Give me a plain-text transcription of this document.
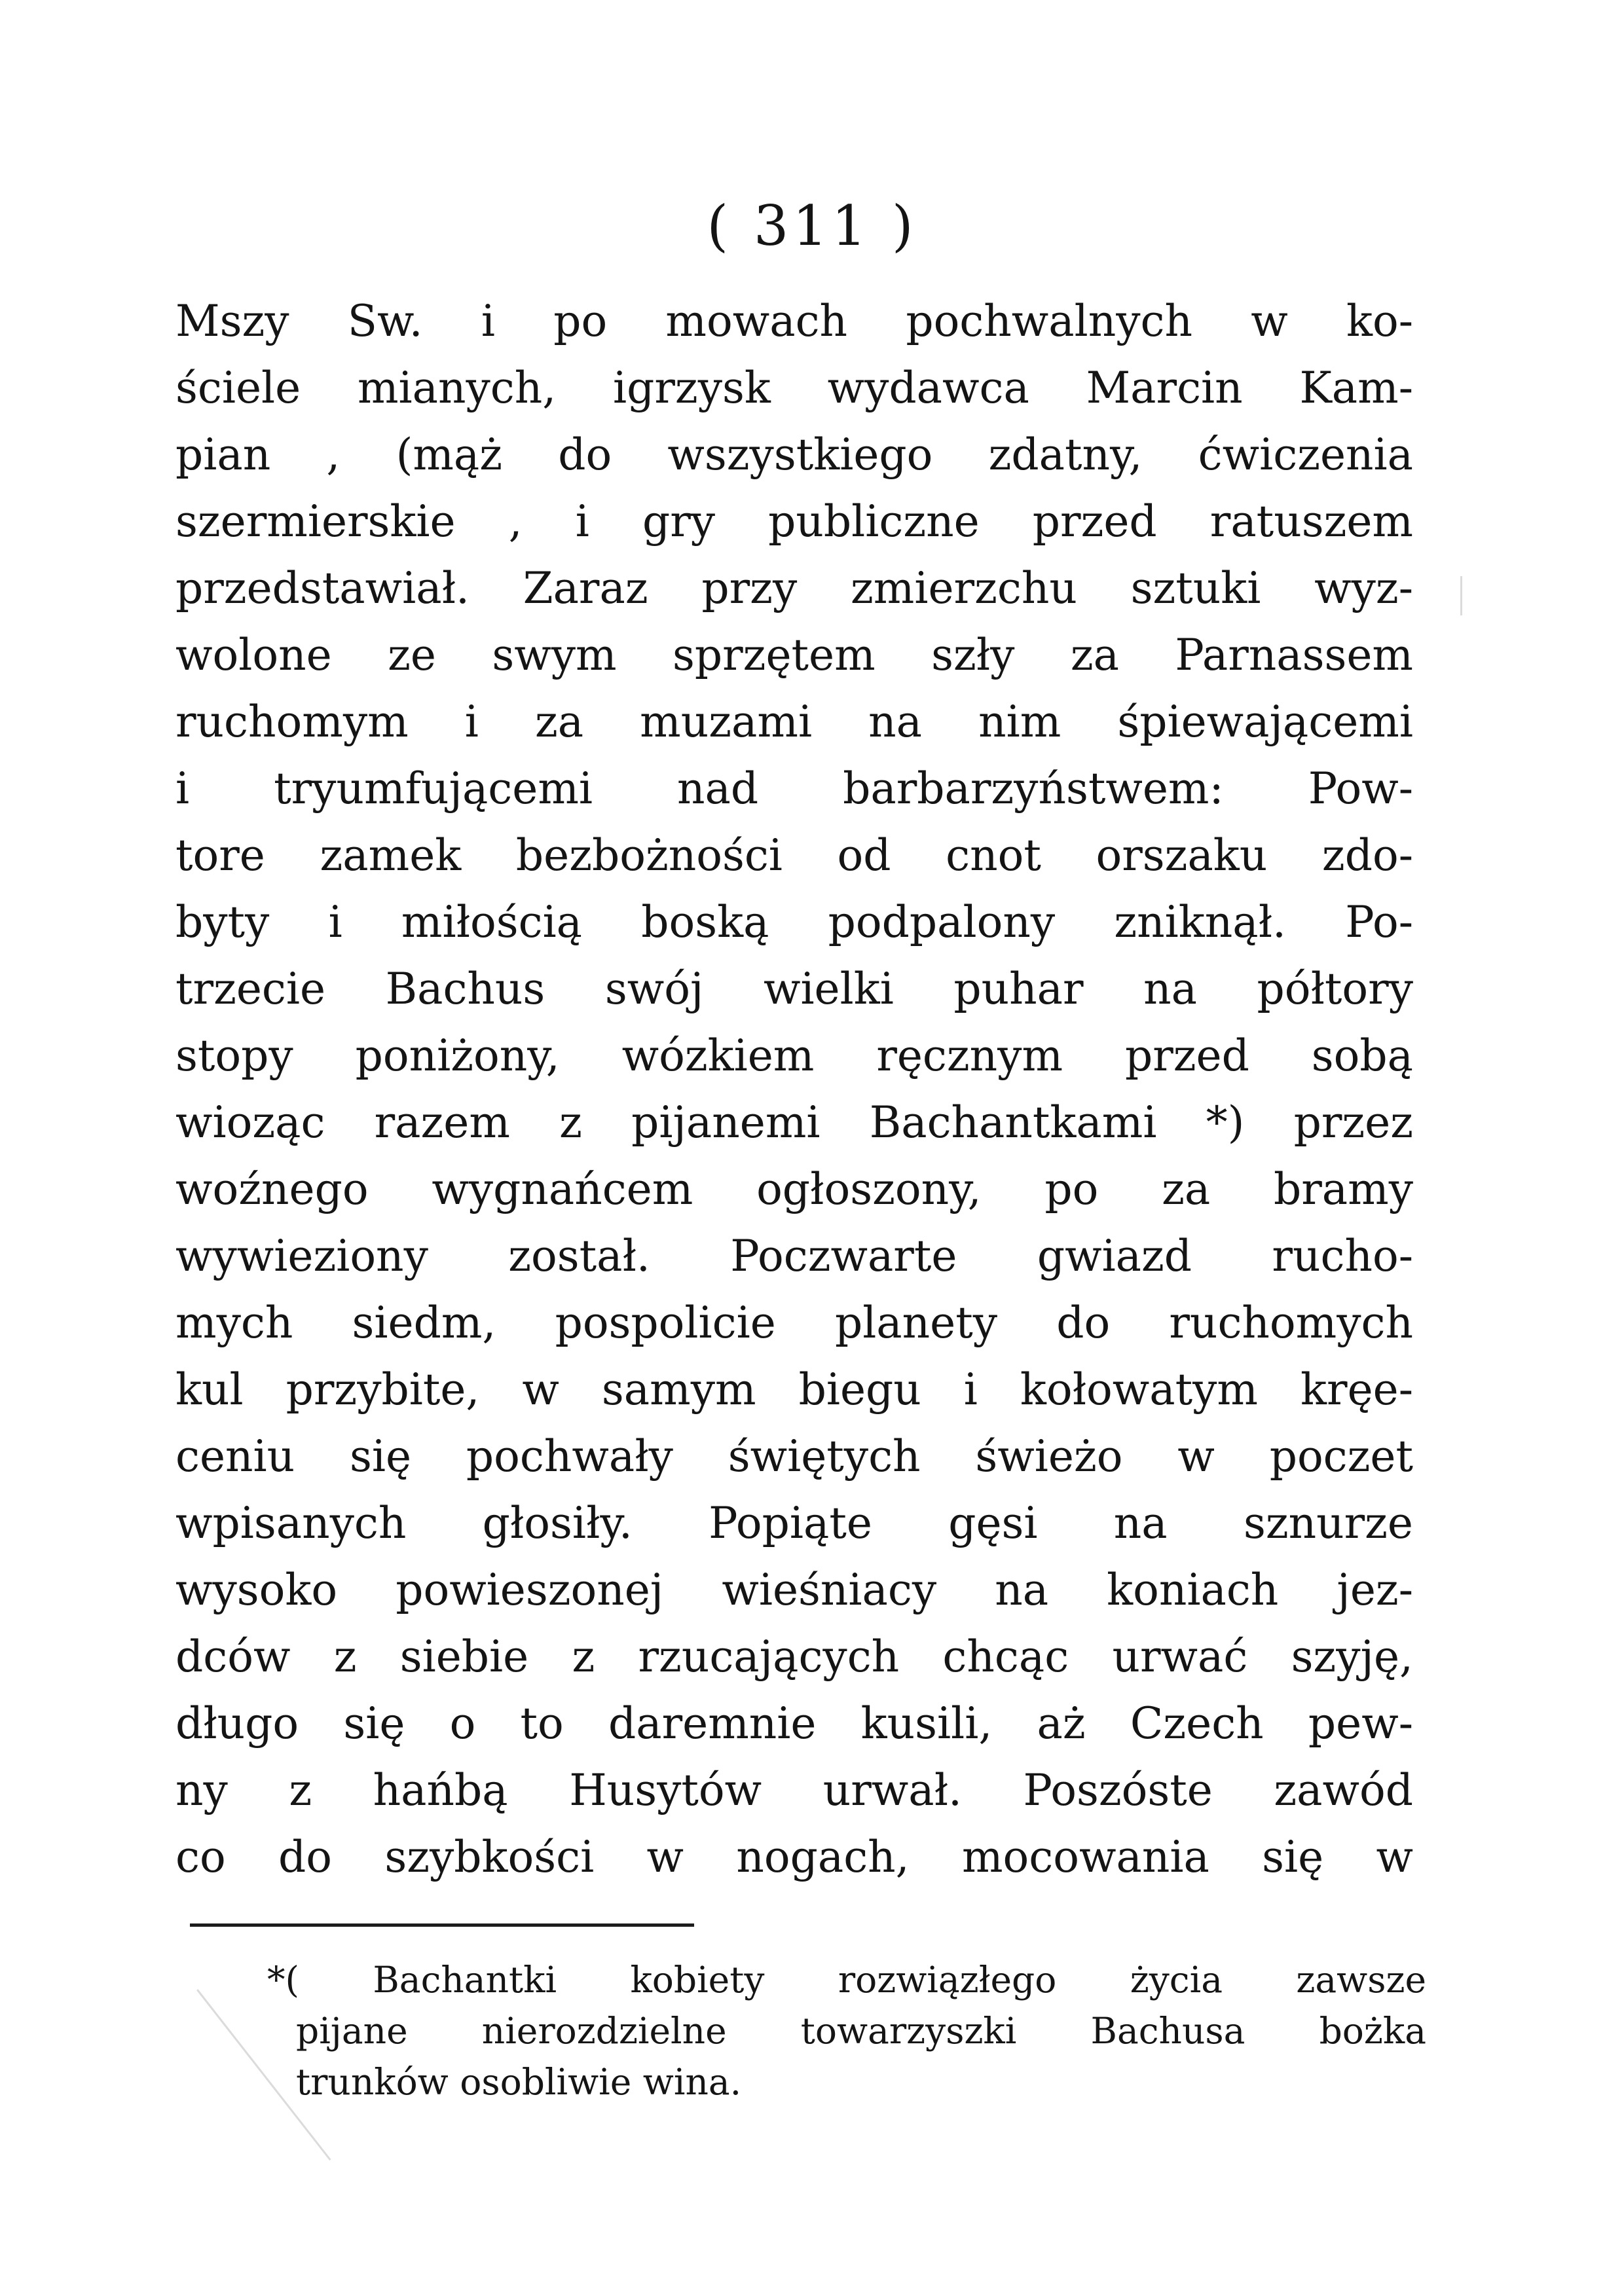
( 311 )
Mszy Sw. i po mowach pochwalnych w ko-
ściele mianych, igrzysk wydawca Marcin Kam-
pian , (mąż do wszystkiego zdatny, ćwiczenia
szermierskie , i gry publiczne przed ratuszem
przedstawiał. Zaraz przy zmierzchu sztuki wyz-
wolone ze swym sprzętem szły za Parnassem
ruchomym i za muzami na nim śpiewającemi
i tryumfującemi nad barbarzyństwem: Pow-
tore zamek bezbożności od cnot orszaku zdo-
byty i miłością boską podpalony zniknął. Po-
trzecie Bachus swój wielki puhar na półtory
stopy poniżony, wózkiem ręcznym przed sobą
wioząc razem z pijanemi Bachantkami *) przez
woźnego wygnańcem ogłoszony, po za bramy
wywieziony został. Poczwarte gwiazd rucho-
mych siedm, pospolicie planety do ruchomych
kul przybite, w samym biegu i kołowatym kręe-
ceniu się pochwały świętych świeżo w poczet
wpisanych głosiły. Popiąte gęsi na sznurze
wysoko powieszonej wieśniacy na koniach jez-
dców z siebie z rzucających chcąc urwać szyję,
długo się o to daremnie kusili, aż Czech pew-
ny z hańbą Husytów urwał. Poszóste zawód
co do szybkości w nogach, mocowania się w
*( Bachantki kobiety rozwiązłego życia zawsze
pijane nierozdzielne towarzyszki Bachusa bożka
trunków osobliwie wina.
